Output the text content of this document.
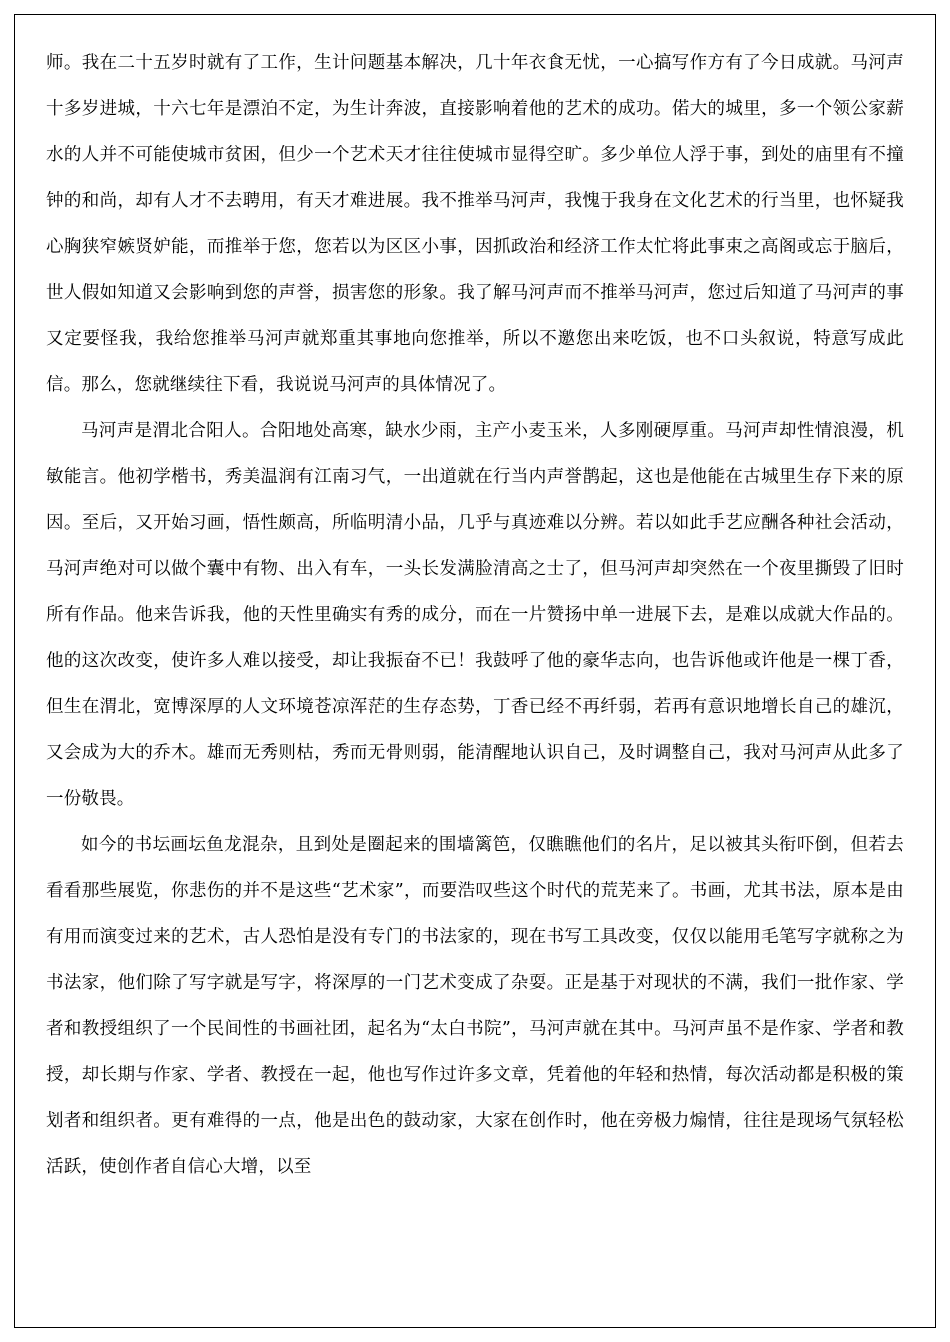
师。我在二十五岁时就有了工作，生计问题基本解决，几十年衣食无忧，一心搞写作方有了今日成就。马河声十多岁进城，十六七年是漂泊不定，为生计奔波，直接影响着他的艺术的成功。偌大的城里，多一个领公家薪水的人并不可能使城市贫困，但少一个艺术天才往往使城市显得空旷。多少单位人浮于事，到处的庙里有不撞钟的和尚，却有人才不去聘用，有天才难进展。我不推举马河声，我愧于我身在文化艺术的行当里，也怀疑我心胸狭窄嫉贤妒能，而推举于您，您若以为区区小事，因抓政治和经济工作太忙将此事束之高阁或忘于脑后，世人假如知道又会影响到您的声誉，损害您的形象。我了解马河声而不推举马河声，您过后知道了马河声的事又定要怪我，我给您推举马河声就郑重其事地向您推举，所以不邀您出来吃饭，也不口头叙说，特意写成此信。那么，您就继续往下看，我说说马河声的具体情况了。

马河声是渭北合阳人。合阳地处高寒，缺水少雨，主产小麦玉米，人多刚硬厚重。马河声却性情浪漫，机敏能言。他初学楷书，秀美温润有江南习气，一出道就在行当内声誉鹊起，这也是他能在古城里生存下来的原因。至后，又开始习画，悟性颇高，所临明清小品，几乎与真迹难以分辨。若以如此手艺应酬各种社会活动，马河声绝对可以做个囊中有物、出入有车，一头长发满脸清高之士了，但马河声却突然在一个夜里撕毁了旧时所有作品。他来告诉我，他的天性里确实有秀的成分，而在一片赞扬中单一进展下去，是难以成就大作品的。他的这次改变，使许多人难以接受，却让我振奋不已！我鼓呼了他的豪华志向，也告诉他或许他是一棵丁香，但生在渭北，宽博深厚的人文环境苍凉浑茫的生存态势，丁香已经不再纤弱，若再有意识地增长自己的雄沉，又会成为大的乔木。雄而无秀则枯，秀而无骨则弱，能清醒地认识自己，及时调整自己，我对马河声从此多了一份敬畏。

如今的书坛画坛鱼龙混杂，且到处是圈起来的围墙篱笆，仅瞧瞧他们的名片，足以被其头衔吓倒，但若去看看那些展览，你悲伤的并不是这些“艺术家”，而要浩叹些这个时代的荒芜来了。书画，尤其书法，原本是由有用而演变过来的艺术，古人恐怕是没有专门的书法家的，现在书写工具改变，仅仅以能用毛笔写字就称之为书法家，他们除了写字就是写字，将深厚的一门艺术变成了杂耍。正是基于对现状的不满，我们一批作家、学者和教授组织了一个民间性的书画社团，起名为“太白书院”，马河声就在其中。马河声虽不是作家、学者和教授，却长期与作家、学者、教授在一起，他也写作过许多文章，凭着他的年轻和热情，每次活动都是积极的策划者和组织者。更有难得的一点，他是出色的鼓动家，大家在创作时，他在旁极力煽情，往往是现场气氛轻松活跃，使创作者自信心大增，以至
